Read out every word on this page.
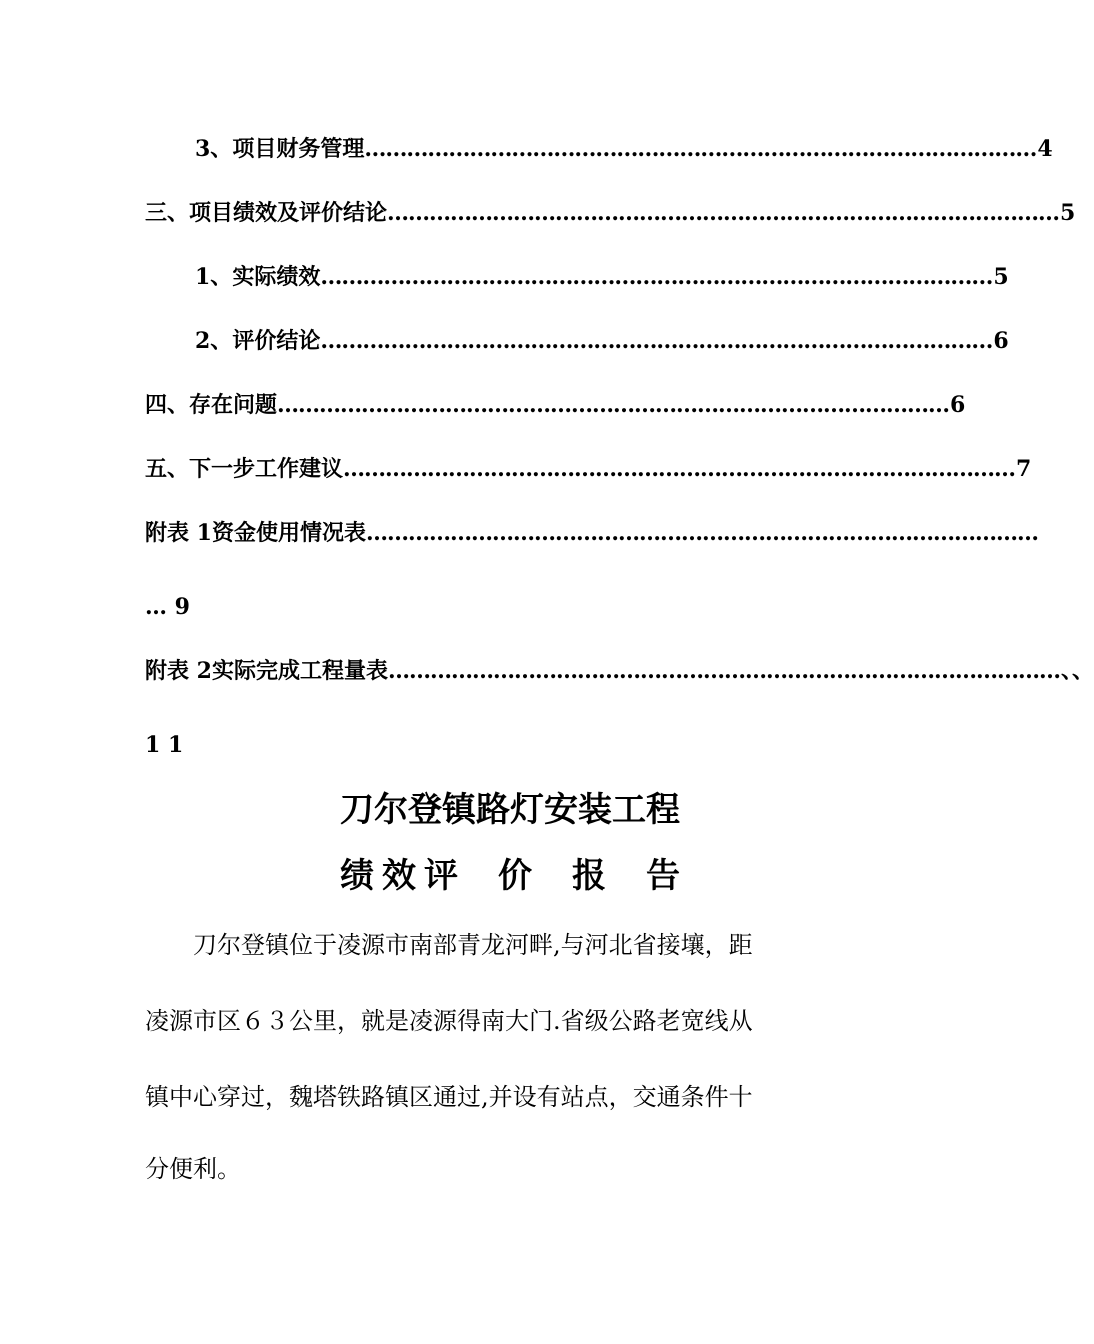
3、 项目财务管理 …………………………………………………………………………………… 4
三、 项目绩效及评价结论 …………………………………………………………………………………… 5
1、 实际绩效 …………………………………………………………………………………… 5
2、 评价结论 …………………………………………………………………………………… 6
四、 存在问题 …………………………………………………………………………………… 6
五、 下一步工作建议 …………………………………………………………………………………… 7
附表 1 资金使用情况表 ……………………………………………………………………………………
… 9
附表 2 实际完成工程量表 …………………………………………………………………………………… 、、
1 1
刀尔登镇路灯安装工程
绩 效 评 价 报 告
刀尔登镇位于凌源市南部青龙河畔,与河北省接壤，距
凌源市区６３公里，就是凌源得南大门.省级公路老宽线从
镇中心穿过，魏塔铁路镇区通过,并设有站点，交通条件十
分便利。
